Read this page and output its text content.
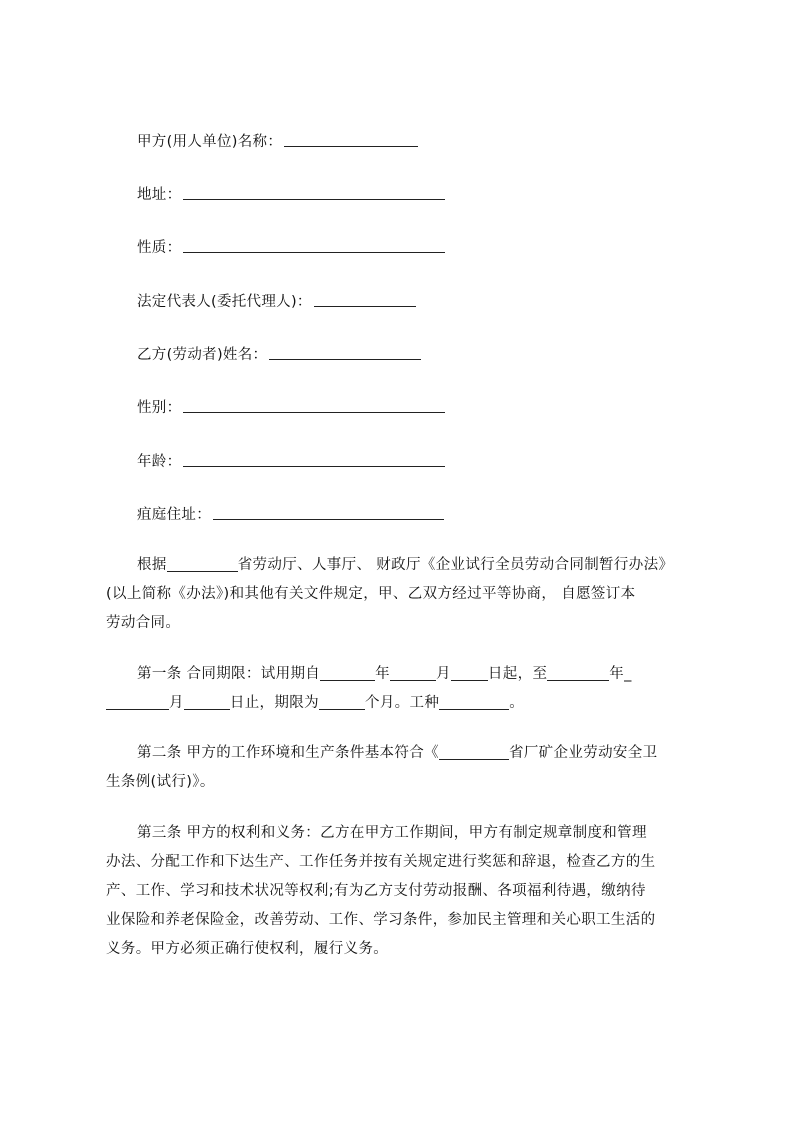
甲方(用人单位)名称：
地址：
性质：
法定代表人(委托代理人)：
乙方(劳动者)姓名：
性别：
年龄：
疽庭住址：
根据	省劳动厅、人事厅、 财政厅《企业试行全员劳动合同制暂行办法》
(以上简称《办法》)和其他有关文件规定，甲、乙双方经过平等协商， 自愿签订本
劳动合同。
第一条 合同期限：试用期自	年	月	日起，至	年_
月	日止，期限为	个月。工种	。
第二条 甲方的工作环境和生产条件基本符合《	省厂矿企业劳动安全卫
生条例(试行)》。
第三条 甲方的权利和义务：乙方在甲方工作期间，甲方有制定规章制度和管理
办法、分配工作和下达生产、工作任务并按有关规定进行奖惩和辞退，检查乙方的生
产、工作、学习和技术状况等权利;有为乙方支付劳动报酬、各项福利待遇，缴纳待
业保险和养老保险金，改善劳动、工作、学习条件，参加民主管理和关心职工生活的
义务。甲方必须正确行使权利，履行义务。
